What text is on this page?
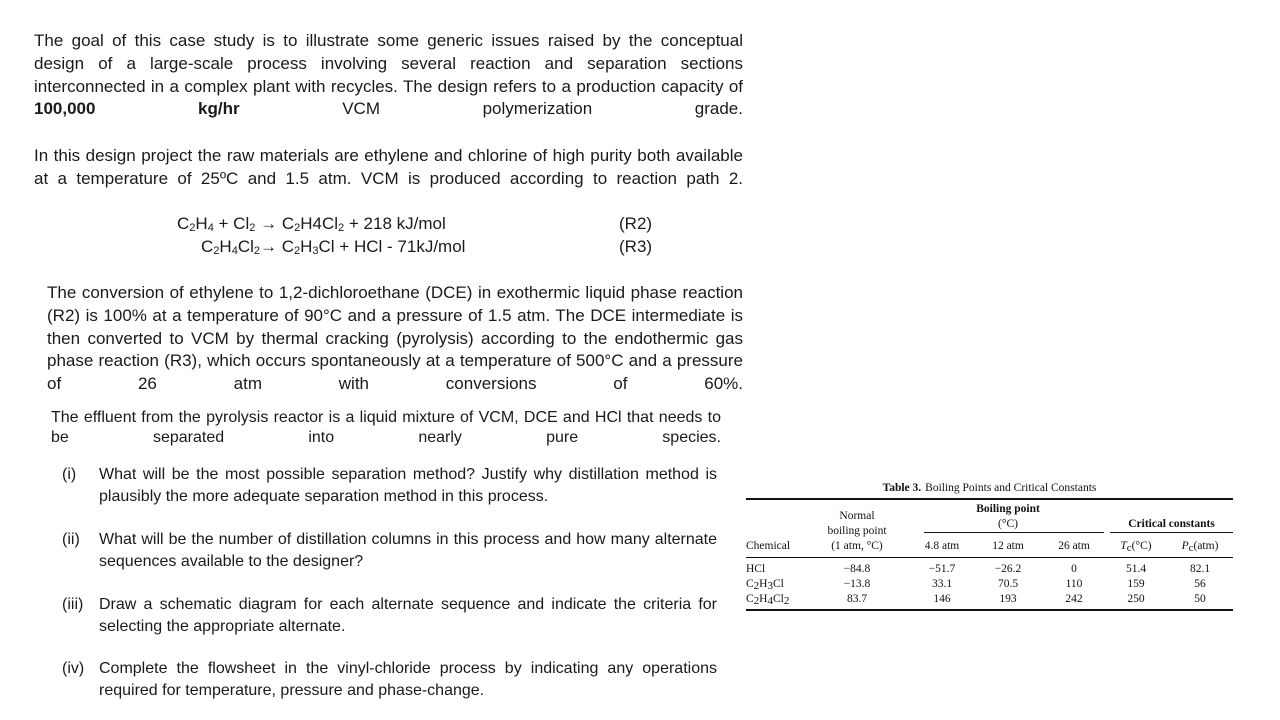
The goal of this case study is to illustrate some generic issues raised by the conceptual design of a large-scale process involving several reaction and separation sections interconnected in a complex plant with recycles. The design refers to a production capacity of 100,000 kg/hr VCM polymerization grade.

In this design project the raw materials are ethylene and chlorine of high purity both available at a temperature of 25ºC and 1.5 atm. VCM is produced according to reaction path 2.

$C_2H_4 + Cl_2 \to C_2H4Cl_2 + 218$ kJ/mol	(R2)
$C_2H_4Cl_2\to C_2H_3Cl$ + HCl - 71kJ/mol	(R3)

The conversion of ethylene to 1,2-dichloroethane (DCE) in exothermic liquid phase reaction (R2) is 100% at a temperature of 90°C and a pressure of 1.5 atm. The DCE intermediate is then converted to VCM by thermal cracking (pyrolysis) according to the endothermic gas phase reaction (R3), which occurs spontaneously at a temperature of 500°C and a pressure of 26 atm with conversions of 60%.

The effluent from the pyrolysis reactor is a liquid mixture of VCM, DCE and HCl that needs to be separated into nearly pure species.

(i)	What will be the most possible separation method? Justify why distillation method is plausibly the more adequate separation method in this process.
(ii)	What will be the number of distillation columns in this process and how many alternate sequences available to the designer?
(iii) Draw a schematic diagram for each alternate sequence and indicate the criteria for selecting the appropriate alternate.
(iv) Complete the flowsheet in the vinyl-chloride process by indicating any operations required for temperature, pressure and phase-change.
Table 3. Boiling Points and Critical Constants
Chemical
Normal
boiling point
(1 atm, °C)
Boiling point
(°C)
4.8 atm	12 atm	26 atm
Critical constants
$T_c(^\circ C)$	$P_c(atm)$
HCl	−84.8	−51.7	−26.2	0	51.4	82.1
$C_2H_3Cl$	−13.8	33.1	70.5	110	159	56
$C_2H_4Cl_2$	83.7	146	193	242	250	50
